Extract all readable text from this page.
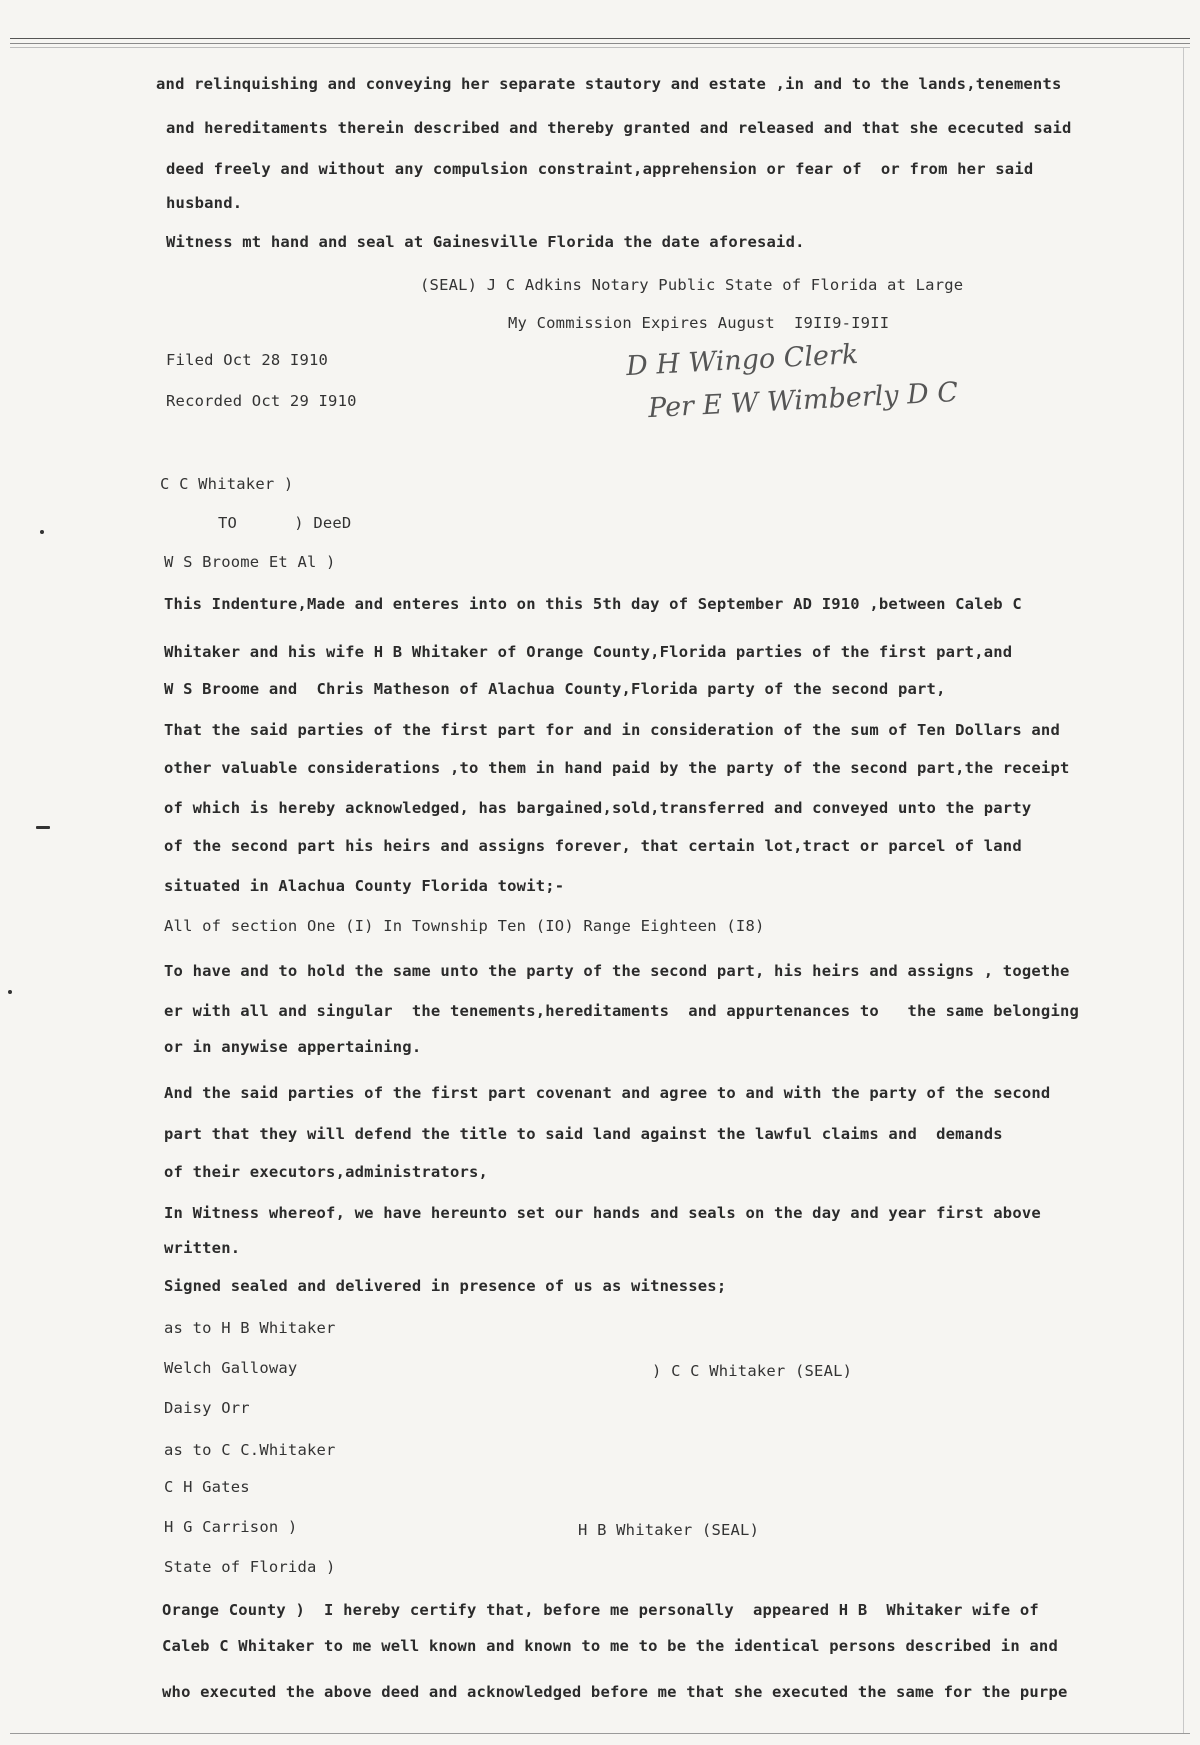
and relinquishing and conveying her separate stautory and estate ,in and to the lands,tenements
and hereditaments therein described and thereby granted and released and that she ececuted said
deed freely and without any compulsion constraint,apprehension or fear of  or from her said
husband.
Witness mt hand and seal at Gainesville Florida the date aforesaid.
(SEAL) J C Adkins Notary Public State of Florida at Large
My Commission Expires August  I9II9-I9II
Filed Oct 28 I910
Recorded Oct 29 I910
D H Wingo Clerk
Per E W Wimberly D C
C C Whitaker )
TO      ) DeeD
W S Broome Et Al )
This Indenture,Made and enteres into on this 5th day of September AD I910 ,between Caleb C
Whitaker and his wife H B Whitaker of Orange County,Florida parties of the first part,and
W S Broome and  Chris Matheson of Alachua County,Florida party of the second part,
That the said parties of the first part for and in consideration of the sum of Ten Dollars and
other valuable considerations ,to them in hand paid by the party of the second part,the receipt
of which is hereby acknowledged, has bargained,sold,transferred and conveyed unto the party
of the second part his heirs and assigns forever, that certain lot,tract or parcel of land
situated in Alachua County Florida towit;-
All of section One (I) In Township Ten (IO) Range Eighteen (I8)
To have and to hold the same unto the party of the second part, his heirs and assigns , togethe
er with all and singular  the tenements,hereditaments  and appurtenances to   the same belonging
or in anywise appertaining.
And the said parties of the first part covenant and agree to and with the party of the second
part that they will defend the title to said land against the lawful claims and  demands
of their executors,administrators,
In Witness whereof, we have hereunto set our hands and seals on the day and year first above
written.
Signed sealed and delivered in presence of us as witnesses;
as to H B Whitaker
Welch Galloway	) C C Whitaker (SEAL)
Daisy Orr
as to C C.Whitaker
C H Gates
H G Carrison )	H B Whitaker (SEAL)
State of Florida )
Orange County )  I hereby certify that, before me personally  appeared H B  Whitaker wife of
Caleb C Whitaker to me well known and known to me to be the identical persons described in and
who executed the above deed and acknowledged before me that she executed the same for the purpe
